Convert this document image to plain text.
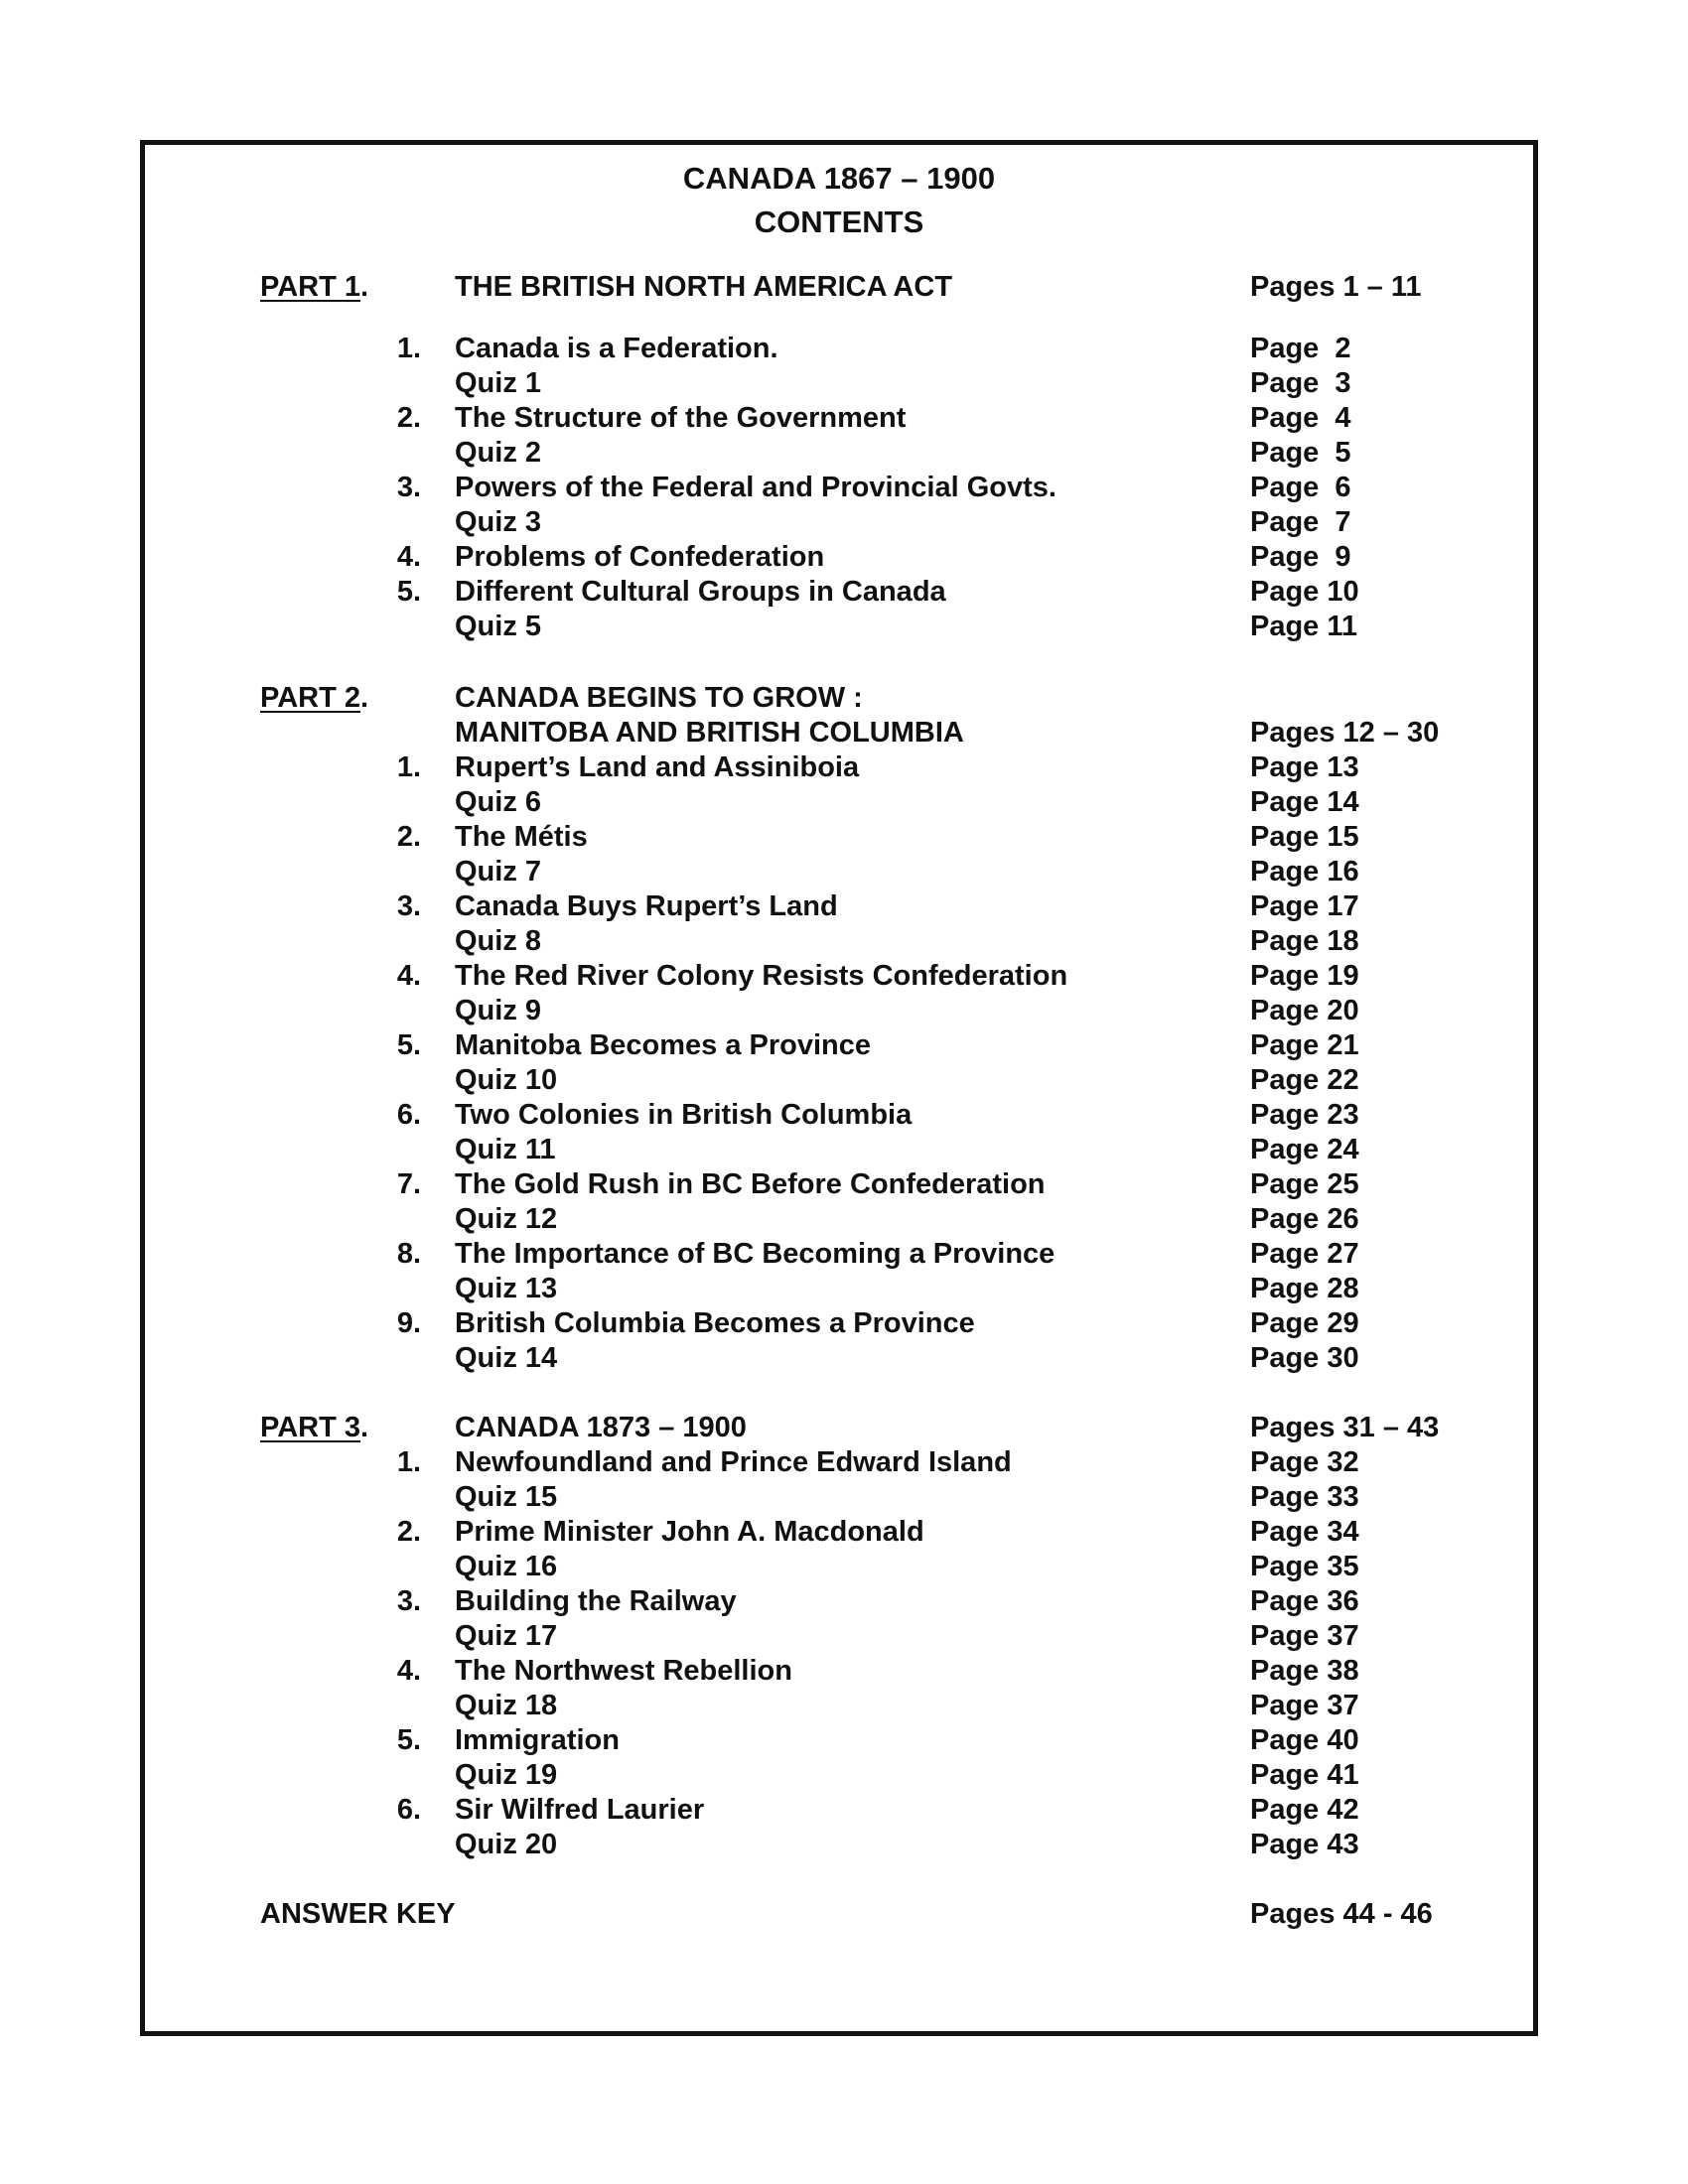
CANADA 1867 – 1900
CONTENTS
PART 1.	THE BRITISH NORTH AMERICA ACT	Pages 1 – 11
1. Canada is a Federation.	Page  2
Quiz 1	Page  3
2. The Structure of the Government	Page  4
Quiz 2	Page  5
3. Powers of the Federal and Provincial Govts.	Page  6
Quiz 3	Page  7
4. Problems of Confederation	Page  9
5. Different Cultural Groups in Canada	Page 10
Quiz 5	Page 11
PART 2.	CANADA BEGINS TO GROW :
MANITOBA AND BRITISH COLUMBIA	Pages 12 – 30
1. Rupert’s Land and Assiniboia	Page 13
Quiz 6	Page 14
2. The Métis	Page 15
Quiz 7	Page 16
3. Canada Buys Rupert’s Land	Page 17
Quiz 8	Page 18
4. The Red River Colony Resists Confederation	Page 19
Quiz 9	Page 20
5. Manitoba Becomes a Province	Page 21
Quiz 10	Page 22
6. Two Colonies in British Columbia	Page 23
Quiz 11	Page 24
7. The Gold Rush in BC Before Confederation	Page 25
Quiz 12	Page 26
8. The Importance of BC Becoming a Province	Page 27
Quiz 13	Page 28
9. British Columbia Becomes a Province	Page 29
Quiz 14	Page 30
PART 3.	CANADA 1873 – 1900	Pages 31 – 43
1. Newfoundland and Prince Edward Island	Page 32
Quiz 15	Page 33
2. Prime Minister John A. Macdonald	Page 34
Quiz 16	Page 35
3. Building the Railway	Page 36
Quiz 17	Page 37
4. The Northwest Rebellion	Page 38
Quiz 18	Page 37
5. Immigration	Page 40
Quiz 19	Page 41
6. Sir Wilfred Laurier	Page 42
Quiz 20	Page 43
ANSWER KEY	Pages 44 - 46
